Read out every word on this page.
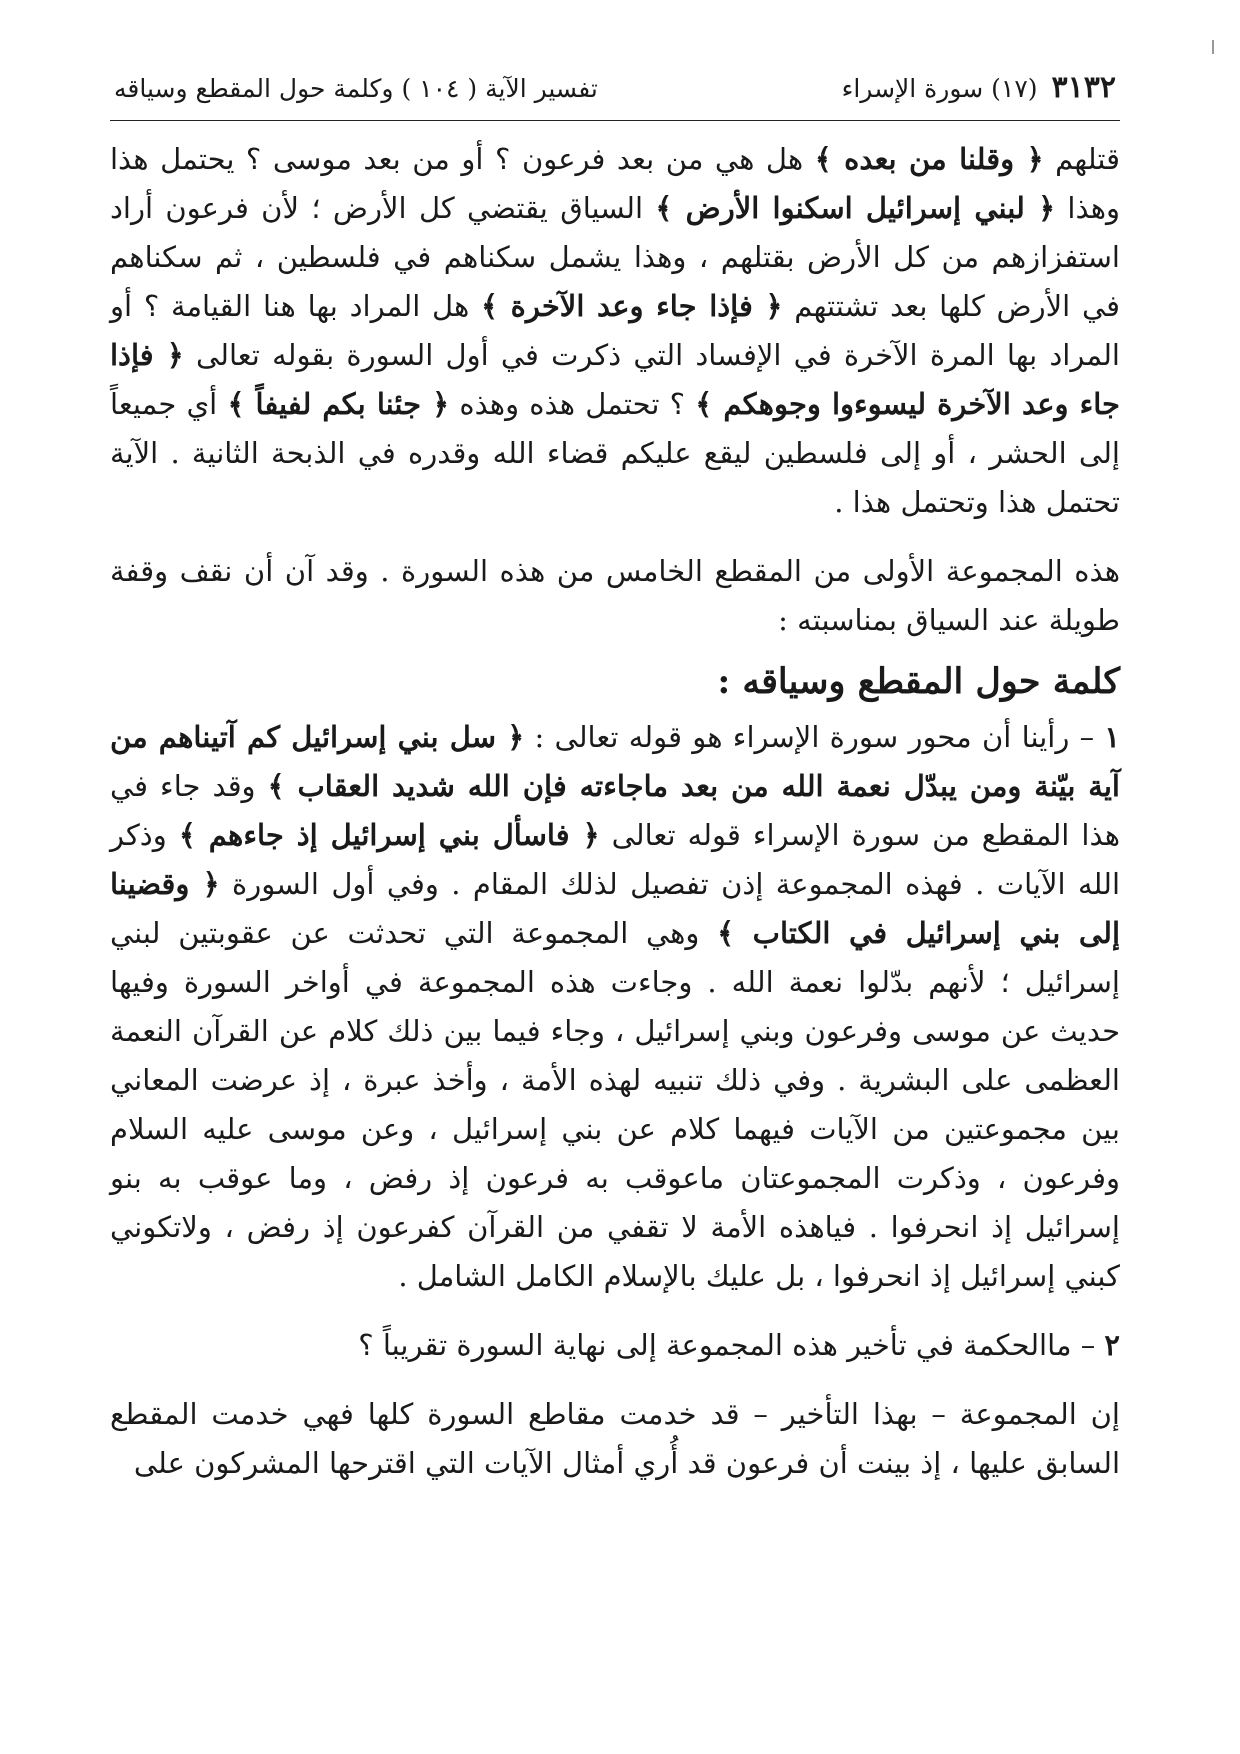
٣١٣٢
(١٧) سورة الإسراء
تفسير الآية ( ١٠٤ ) وكلمة حول المقطع وسياقه

قتلهم ﴿ وقلنا من بعده ﴾ هل هي من بعد فرعون ؟ أو من بعد موسى ؟ يحتمل هذا وهذا ﴿ لبني إسرائيل اسكنوا الأرض ﴾ السياق يقتضي كل الأرض ؛ لأن فرعون أراد استفزازهم من كل الأرض بقتلهم ، وهذا يشمل سكناهم في فلسطين ، ثم سكناهم في الأرض كلها بعد تشتتهم ﴿ فإذا جاء وعد الآخرة ﴾ هل المراد بها هنا القيامة ؟ أو المراد بها المرة الآخرة في الإفساد التي ذكرت في أول السورة بقوله تعالى ﴿ فإذا جاء وعد الآخرة ليسوءوا وجوهكم ﴾ ؟ تحتمل هذه وهذه ﴿ جئنا بكم لفيفاً ﴾ أي جميعاً إلى الحشر ، أو إلى فلسطين ليقع عليكم قضاء الله وقدره في الذبحة الثانية . الآية تحتمل هذا وتحتمل هذا .

هذه المجموعة الأولى من المقطع الخامس من هذه السورة . وقد آن أن نقف وقفة طويلة عند السياق بمناسبته :

كلمة حول المقطع وسياقه :

١ – رأينا أن محور سورة الإسراء هو قوله تعالى : ﴿ سل بني إسرائيل كم آتيناهم من آية بيّنة ومن يبدّل نعمة الله من بعد ماجاءته فإن الله شديد العقاب ﴾ وقد جاء في هذا المقطع من سورة الإسراء قوله تعالى ﴿ فاسأل بني إسرائيل إذ جاءهم ﴾ وذكر الله الآيات . فهذه المجموعة إذن تفصيل لذلك المقام . وفي أول السورة ﴿ وقضينا إلى بني إسرائيل في الكتاب ﴾ وهي المجموعة التي تحدثت عن عقوبتين لبني إسرائيل ؛ لأنهم بدّلوا نعمة الله . وجاءت هذه المجموعة في أواخر السورة وفيها حديث عن موسى وفرعون وبني إسرائيل ، وجاء فيما بين ذلك كلام عن القرآن النعمة العظمى على البشرية . وفي ذلك تنبيه لهذه الأمة ، وأخذ عبرة ، إذ عرضت المعاني بين مجموعتين من الآيات فيهما كلام عن بني إسرائيل ، وعن موسى عليه السلام وفرعون ، وذكرت المجموعتان ماعوقب به فرعون إذ رفض ، وما عوقب به بنو إسرائيل إذ انحرفوا . فياهذه الأمة لا تقفي من القرآن كفرعون إذ رفض ، ولاتكوني كبني إسرائيل إذ انحرفوا ، بل عليك بالإسلام الكامل الشامل .

٢ – ماالحكمة في تأخير هذه المجموعة إلى نهاية السورة تقريباً ؟

إن المجموعة – بهذا التأخير – قد خدمت مقاطع السورة كلها فهي خدمت المقطع السابق عليها ، إذ بينت أن فرعون قد أُري أمثال الآيات التي اقترحها المشركون على
